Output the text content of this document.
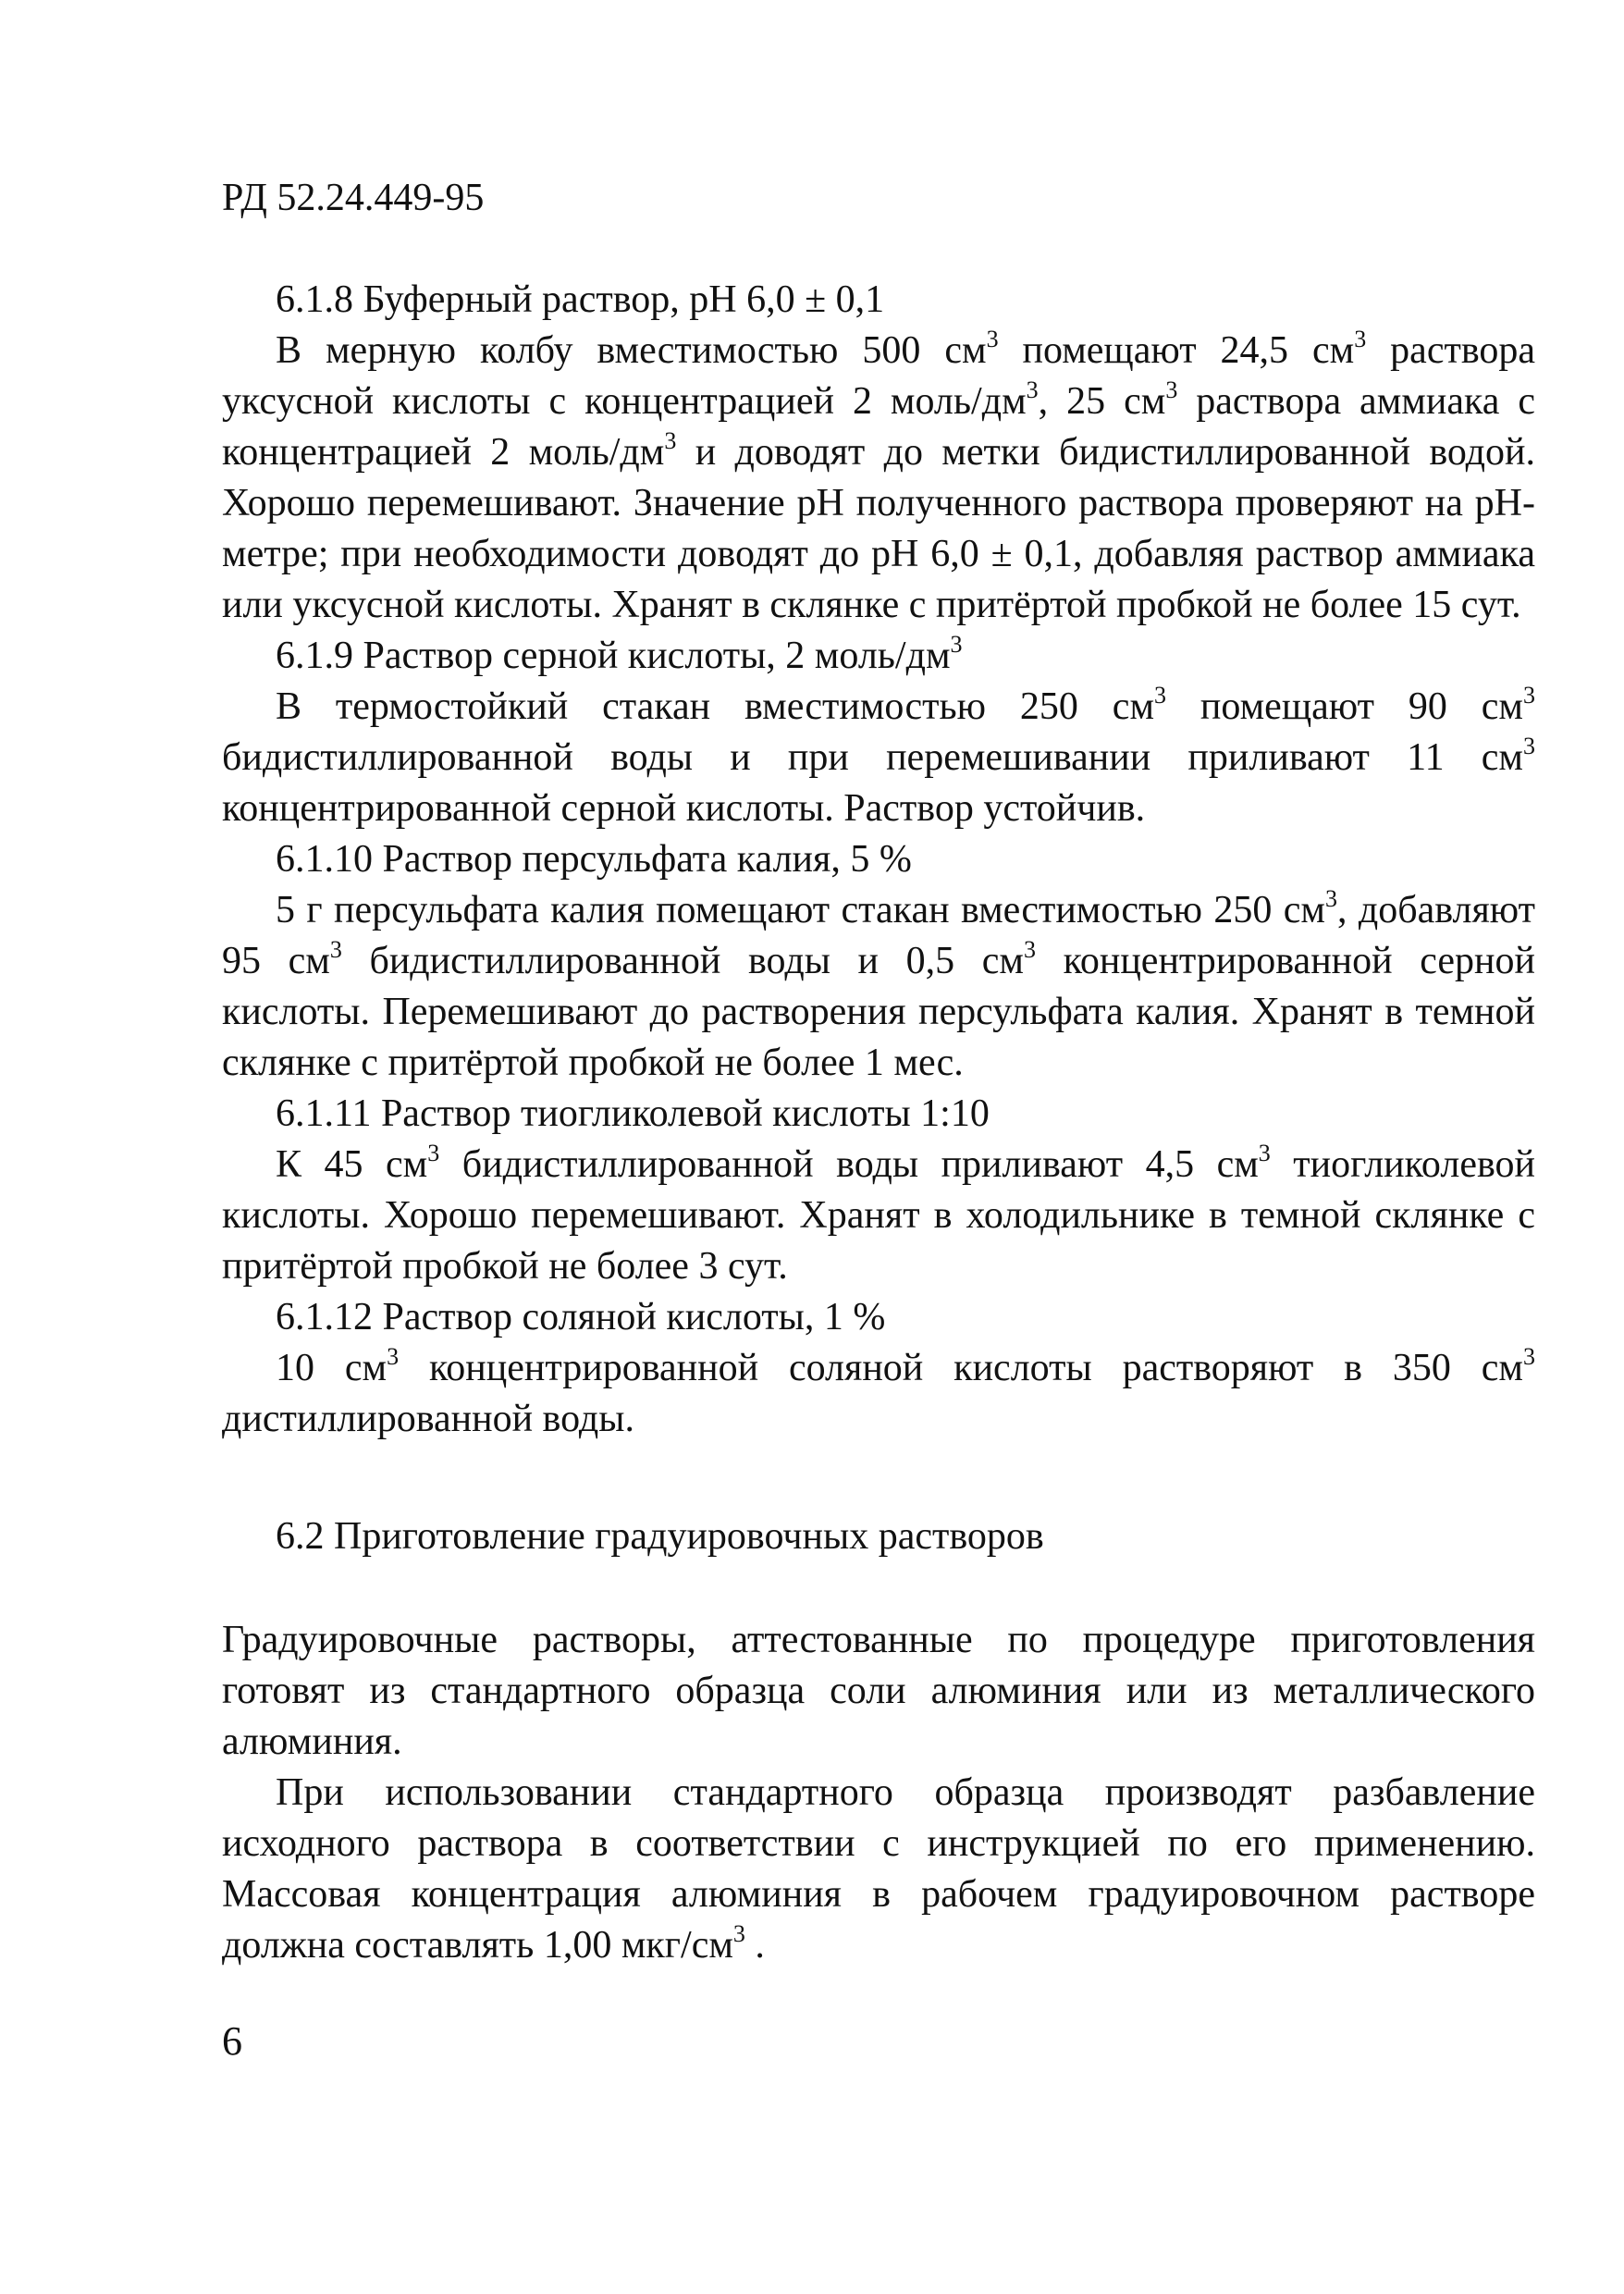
РД 52.24.449-95

6.1.8 Буферный раствор, pH 6,0 ± 0,1

В мерную колбу вместимостью 500 $см^3$ помещают 24,5 $см^3$ раствора уксусной кислоты с концентрацией 2 моль/$дм^3$, 25 $см^3$ раствора аммиака с концентрацией 2 моль/$дм^3$ и доводят до метки бидистиллированной водой. Хорошо перемешивают. Значение pH полученного раствора проверяют на pH-метре; при необходимости доводят до pH 6,0 ± 0,1, добавляя раствор аммиака или уксусной кислоты. Хранят в склянке с притёртой пробкой не более 15 сут.

6.1.9 Раствор серной кислоты, 2 моль/$дм^3$

В термостойкий стакан вместимостью 250 $см^3$ помещают 90 $см^3$ бидистиллированной воды и при перемешивании приливают 11 $см^3$ концентрированной серной кислоты. Раствор устойчив.

6.1.10 Раствор персульфата калия, 5 %

5 г персульфата калия помещают стакан вместимостью 250 $см^3$, добавляют 95 $см^3$ бидистиллированной воды и 0,5 $см^3$ концентрированной серной кислоты. Перемешивают до растворения персульфата калия. Хранят в темной склянке с притёртой пробкой не более 1 мес.

6.1.11 Раствор тиогликолевой кислоты 1:10

К 45 $см^3$ бидистиллированной воды приливают 4,5 $см^3$ тиогликолевой кислоты. Хорошо перемешивают. Хранят в холодильнике в темной склянке с притёртой пробкой не более 3 сут.

6.1.12 Раствор соляной кислоты, 1 %

10 $см^3$ концентрированной соляной кислоты растворяют в 350 $см^3$ дистиллированной воды.

6.2 Приготовление градуировочных растворов

Градуировочные растворы, аттестованные по процедуре приготовления готовят из стандартного образца соли алюминия или из металлического алюминия.

При использовании стандартного образца производят разбавление исходного раствора в соответствии с инструкцией по его применению. Массовая концентрация алюминия в рабочем градуировочном растворе должна составлять 1,00 мкг/$см^3$ .

6
